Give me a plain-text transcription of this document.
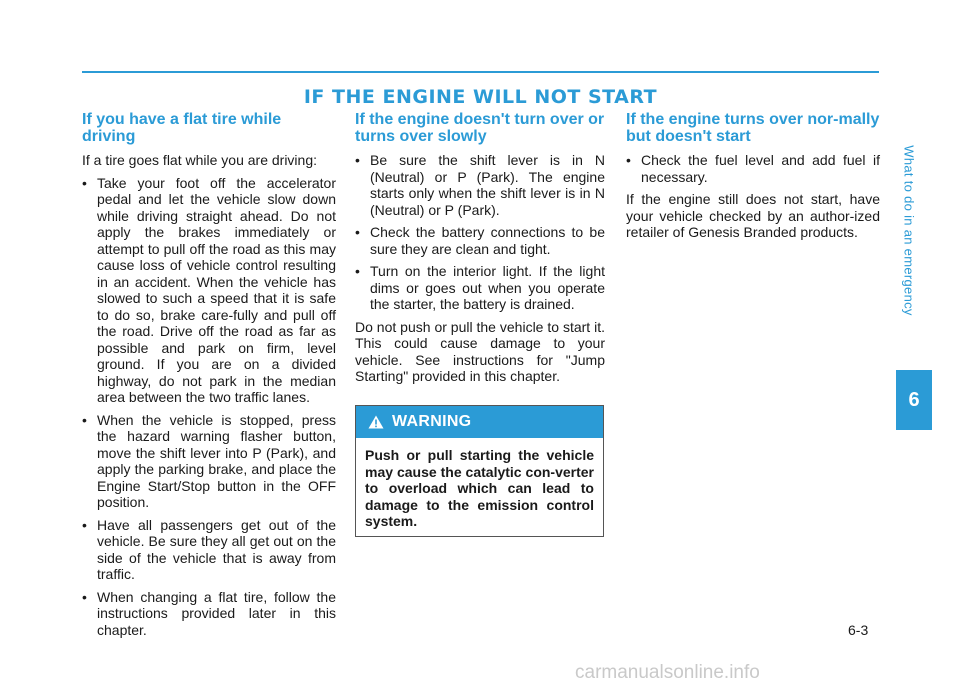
IF THE ENGINE WILL NOT START
If you have a flat tire while driving

If a tire goes flat while you are driving:

• Take your foot off the accelerator pedal and let the vehicle slow down while driving straight ahead. Do not apply the brakes immediately or attempt to pull off the road as this may cause loss of vehicle control resulting in an accident. When the vehicle has slowed to such a speed that it is safe to do so, brake care-fully and pull off the road. Drive off the road as far as possible and park on firm, level ground. If you are on a divided highway, do not park in the median area between the two traffic lanes.
• When the vehicle is stopped, press the hazard warning flasher button, move the shift lever into P (Park), and apply the parking brake, and place the Engine Start/Stop button in the OFF position.
• Have all passengers get out of the vehicle. Be sure they all get out on the side of the vehicle that is away from traffic.
• When changing a flat tire, follow the instructions provided later in this chapter.
If the engine doesn't turn over or turns over slowly
• Be sure the shift lever is in N (Neutral) or P (Park). The engine starts only when the shift lever is in N (Neutral) or P (Park).
• Check the battery connections to be sure they are clean and tight.
• Turn on the interior light. If the light dims or goes out when you operate the starter, the battery is drained.

Do not push or pull the vehicle to start it. This could cause damage to your vehicle. See instructions for "Jump Starting" provided in this chapter.

WARNING
Push or pull starting the vehicle may cause the catalytic con-verter to overload which can lead to damage to the emission control system.
If the engine turns over nor-mally but doesn't start
• Check the fuel level and add fuel if necessary.

If the engine still does not start, have your vehicle checked by an author-ized retailer of Genesis Branded products.	What to do in an emergency
6
6-3
carmanualsonline.info
